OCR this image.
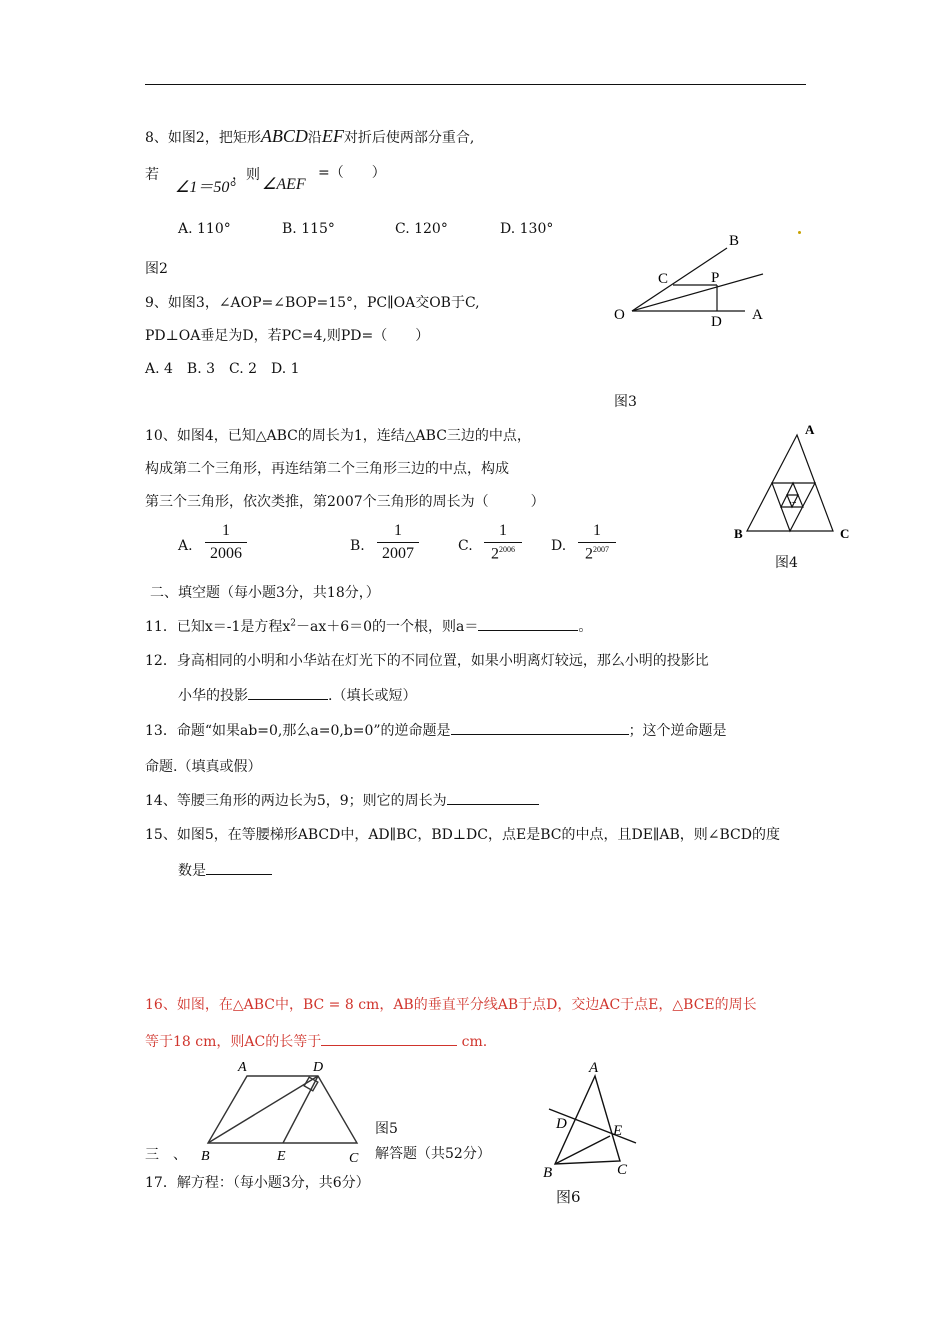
8、如图2，把矩形ABCD沿EF对折后使两部分重合,
若
∠1＝50°
，则
∠AEF
=（　　）
A. 110°	B. 115°	C. 120°	D. 130°
图2
B
C	P
O	D A
9、如图3，∠AOP=∠BOP=15°，PC∥OA交OB于C,
PD⊥OA垂足为D，若PC=4,则PD=（　　）
A. 4　B. 3　C. 2　D. 1
图3
10、如图4，已知△ABC的周长为1，连结△ABC三边的中点，
构成第二个三角形，再连结第二个三角形三边的中点，构成
第三个三角形，依次类推，第2007个三角形的周长为（　　　）
A.
1
2006	B.
1
2007	C.
1
$2^{2006}$	D.
1
$2^{2007}$
...
A
B	C
图4
二、填空题（每小题3分，共18分，）
11．已知x＝-1是方程$x^2-ax+6=0$的一个根，则a＝	。
12．身高相同的小明和小华站在灯光下的不同位置，如果小明离灯较远，那么小明的投影比
小华的投影	.（填长或短）
13．命题“如果ab=0,那么a=0,b=0”的逆命题是	；这个逆命题是
命题.（填真或假）
14、等腰三角形的两边长为5，9；则它的周长为
15、如图5，在等腰梯形ABCD中，AD∥BC，BD⊥DC，点E是BC的中点，且DE∥AB，则∠BCD的度
数是
16、如图，在△ABC中，BC = 8 cm，AB的垂直平分线AB于点D，交边AC于点E，△BCE的周长
等于18 cm，则AC的长等于	cm.
A	D
B	E	C
图5
A
D	E
B	C
图6
三　、	解答题（共52分）
17．解方程：（每小题3分，共6分）
